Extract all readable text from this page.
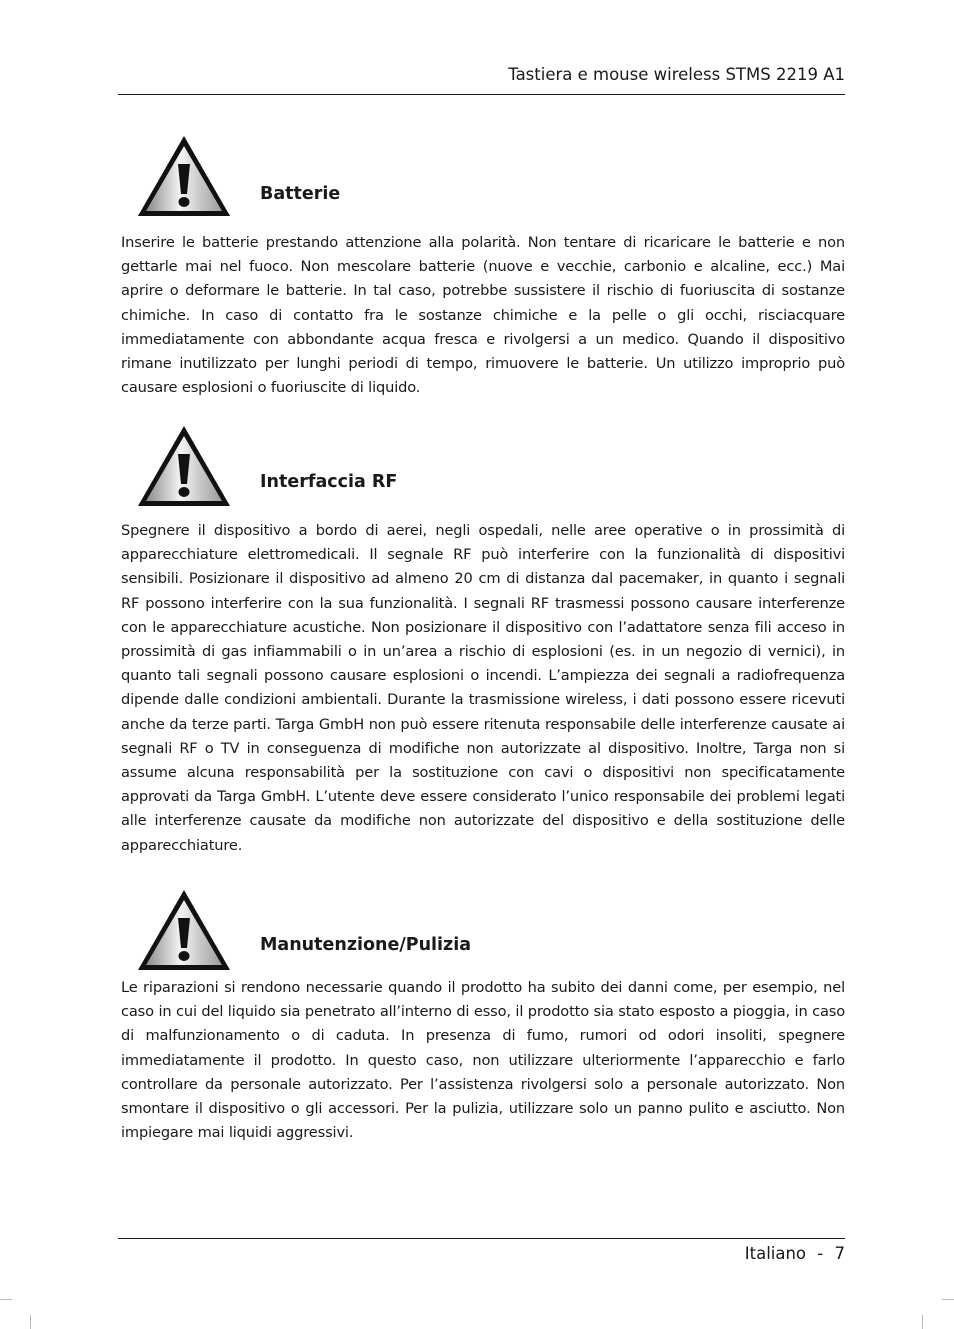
Tastiera e mouse wireless STMS 2219 A1
Batterie

Inserire le batterie prestando attenzione alla polarità. Non tentare di ricaricare le batterie e non gettarle mai nel fuoco. Non mescolare batterie (nuove e vecchie, carbonio e alcaline, ecc.) Mai aprire o deformare le batterie. In tal caso, potrebbe sussistere il rischio di fuoriuscita di sostanze chimiche. In caso di contatto fra le sostanze chimiche e la pelle o gli occhi, risciacquare immediatamente con abbondante acqua fresca e rivolgersi a un medico. Quando il dispositivo rimane inutilizzato per lunghi periodi di tempo, rimuovere le batterie. Un utilizzo improprio può causare esplosioni o fuoriuscite di liquido.

Interfaccia RF

Spegnere il dispositivo a bordo di aerei, negli ospedali, nelle aree operative o in prossimità di apparecchiature elettromedicali. Il segnale RF può interferire con la funzionalità di dispositivi sensibili. Posizionare il dispositivo ad almeno 20 cm di distanza dal pacemaker, in quanto i segnali RF possono interferire con la sua funzionalità. I segnali RF trasmessi possono causare interferenze con le apparecchiature acustiche. Non posizionare il dispositivo con l’adattatore senza fili acceso in prossimità di gas infiammabili o in un’area a rischio di esplosioni (es. in un negozio di vernici), in quanto tali segnali possono causare esplosioni o incendi. L’ampiezza dei segnali a radiofrequenza dipende dalle condizioni ambientali. Durante la trasmissione wireless, i dati possono essere ricevuti anche da terze parti. Targa GmbH non può essere ritenuta responsabile delle interferenze causate ai segnali RF o TV in conseguenza di modifiche non autorizzate al dispositivo. Inoltre, Targa non si assume alcuna responsabilità per la sostituzione con cavi o dispositivi non specificatamente approvati da Targa GmbH. L’utente deve essere considerato l’unico responsabile dei problemi legati alle interferenze causate da modifiche non autorizzate del dispositivo e della sostituzione delle apparecchiature.

Manutenzione/Pulizia

Le riparazioni si rendono necessarie quando il prodotto ha subito dei danni come, per esempio, nel caso in cui del liquido sia penetrato all’interno di esso, il prodotto sia stato esposto a pioggia, in caso di malfunzionamento o di caduta. In presenza di fumo, rumori od odori insoliti, spegnere immediatamente il prodotto. In questo caso, non utilizzare ulteriormente l’apparecchio e farlo controllare da personale autorizzato. Per l’assistenza rivolgersi solo a personale autorizzato. Non smontare il dispositivo o gli accessori. Per la pulizia, utilizzare solo un panno pulito e asciutto. Non impiegare mai liquidi aggressivi.

Italiano - 7
